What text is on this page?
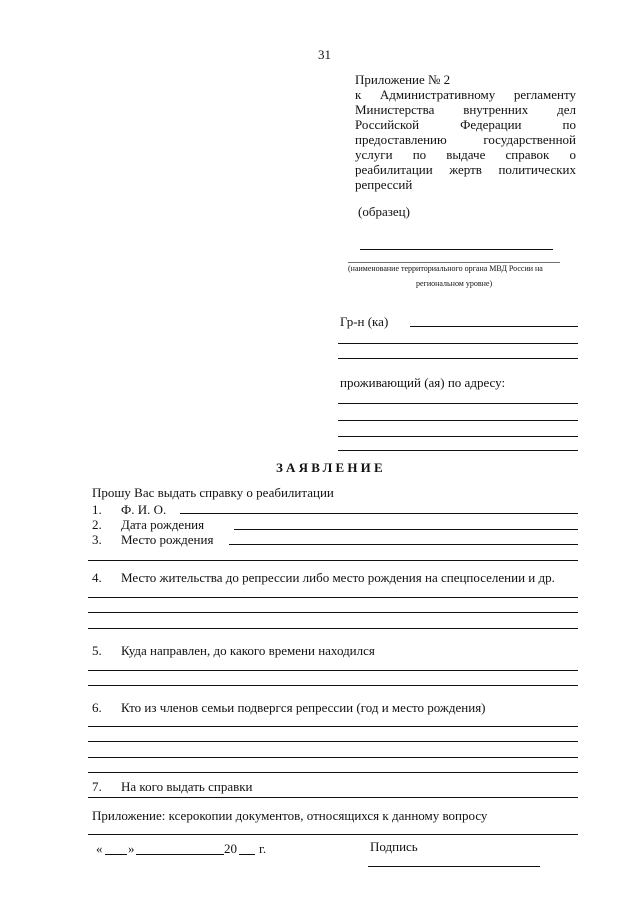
31
Приложение № 2
к Административному регламенту
Министерства внутренних дел
Российской Федерации по
предоставлению государственной
услуги по выдаче справок о
реабилитации жертв политических
репрессий
(образец)
(наименование территориального органа МВД России на
региональном уровне)
Гр-н (ка)
проживающий (ая) по адресу:
ЗАЯВЛЕНИЕ
Прошу Вас выдать справку о реабилитации
1. Ф. И. О.
2. Дата рождения
3. Место рождения
4. Место жительства до репрессии либо место рождения на спецпоселении и др.
5. Куда направлен, до какого времени находился
6. Кто из членов семьи подвергся репрессии (год и место рождения)
7. На кого выдать справки
Приложение: ксерокопии документов, относящихся к данному вопросу
« »	20 г.	Подпись
